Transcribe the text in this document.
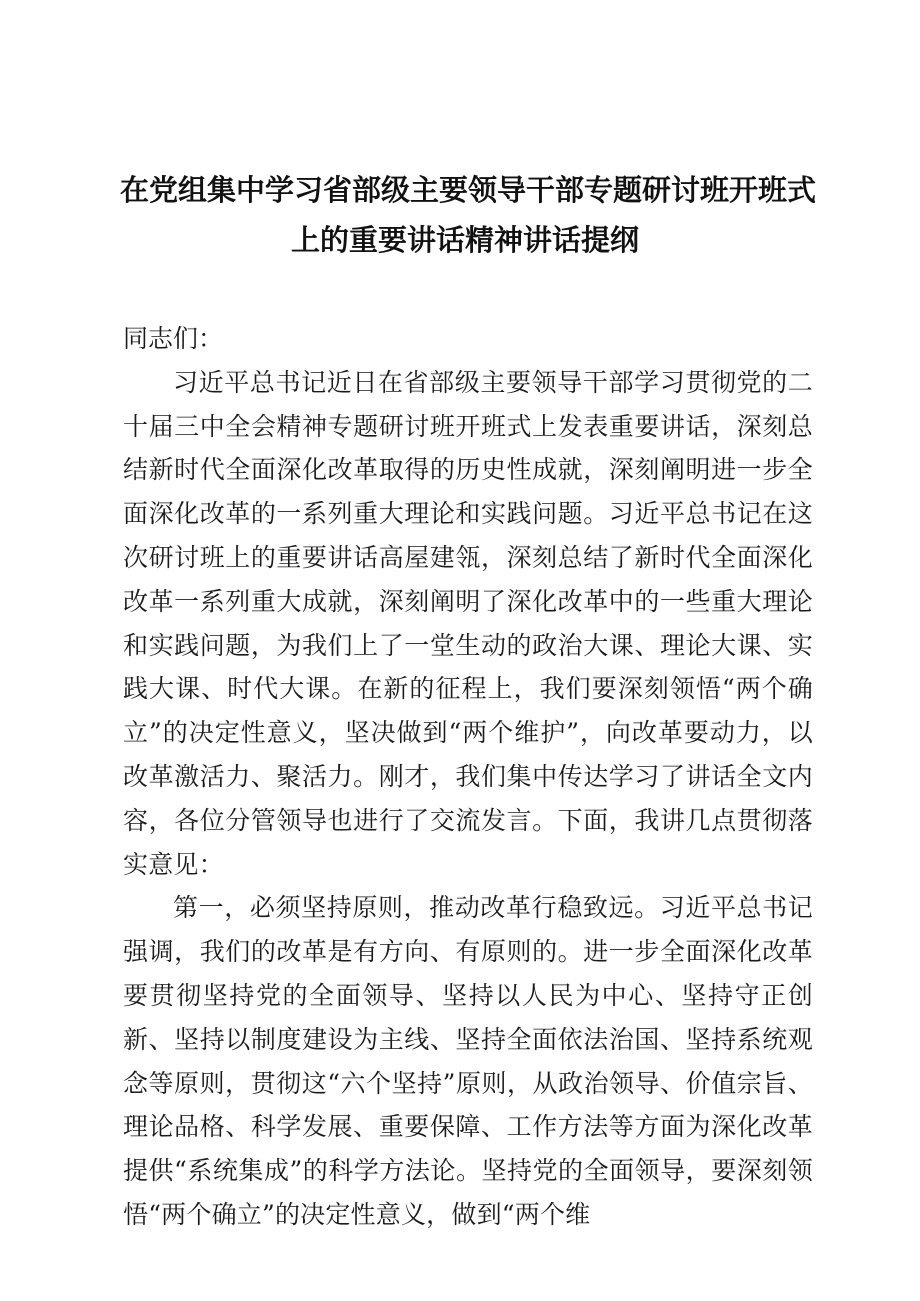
在党组集中学习省部级主要领导干部专题研讨班开班式
上的重要讲话精神讲话提纲

同志们：

习近平总书记近日在省部级主要领导干部学习贯彻党的二十届三中全会精神专题研讨班开班式上发表重要讲话，深刻总结新时代全面深化改革取得的历史性成就，深刻阐明进一步全面深化改革的一系列重大理论和实践问题。习近平总书记在这次研讨班上的重要讲话高屋建瓴，深刻总结了新时代全面深化改革一系列重大成就，深刻阐明了深化改革中的一些重大理论和实践问题，为我们上了一堂生动的政治大课、理论大课、实践大课、时代大课。在新的征程上，我们要深刻领悟“两个确立”的决定性意义，坚决做到“两个维护”，向改革要动力，以改革激活力、聚活力。刚才，我们集中传达学习了讲话全文内容，各位分管领导也进行了交流发言。下面，我讲几点贯彻落实意见：

第一，必须坚持原则，推动改革行稳致远。习近平总书记强调，我们的改革是有方向、有原则的。进一步全面深化改革要贯彻坚持党的全面领导、坚持以人民为中心、坚持守正创新、坚持以制度建设为主线、坚持全面依法治国、坚持系统观念等原则，贯彻这“六个坚持”原则，从政治领导、价值宗旨、理论品格、科学发展、重要保障、工作方法等方面为深化改革提供“系统集成”的科学方法论。坚持党的全面领导，要深刻领悟“两个确立”的决定性意义，做到“两个维
